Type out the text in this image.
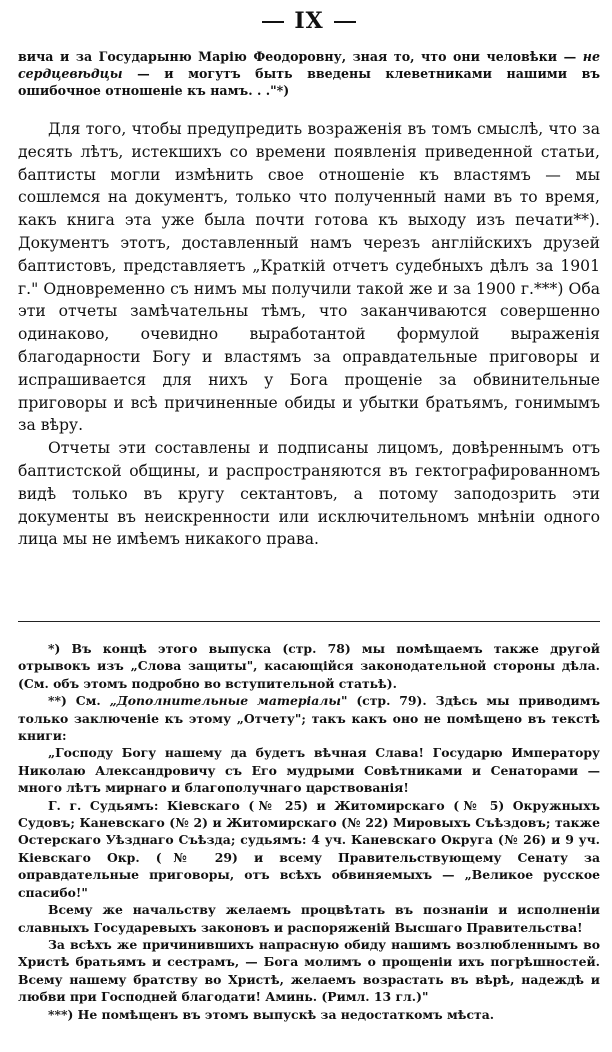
IX
вича и за Государыню Марію Феодоровну, зная то, что они человѣки — не сердцевѣдцы — и могутъ быть введены клеветниками нашими въ ошибочное отношеніе къ намъ. . ."*)

Для того, чтобы предупредить возраженія въ томъ смыслѣ, что за десять лѣтъ, истекшихъ со времени появленія приведенной статьи, баптисты могли измѣнить свое отношеніе къ властямъ — мы сошлемся на документъ, только что полученный нами въ то время, какъ книга эта уже была почти готова къ выходу изъ печати**). Документъ этотъ, доставленный намъ черезъ англійскихъ друзей баптистовъ, представляетъ „Краткій отчетъ судебныхъ дѣлъ за 1901 г." Одновременно съ нимъ мы получили такой же и за 1900 г.***) Оба эти отчеты замѣчательны тѣмъ, что заканчиваются совершенно одинаково, очевидно выработантой формулой выраженія благодарности Богу и властямъ за оправдательные приговоры и испрашивается для нихъ у Бога прощеніе за обвинительные приговоры и всѣ причиненные обиды и убытки братьямъ, гонимымъ за вѣру.

Отчеты эти составлены и подписаны лицомъ, довѣреннымъ отъ баптистской общины, и распространяются въ гектографированномъ видѣ только въ кругу сектантовъ, а потому заподозрить эти документы въ неискренности или исключительномъ мнѣніи одного лица мы не имѣемъ никакого права.

*) Въ концѣ этого выпуска (стр. 78) мы помѣщаемъ также другой отрывокъ изъ „Слова защиты", касающійся законодательной стороны дѣла. (См. объ этомъ подробно во вступительной статьѣ).

**) См. „Дополнительные матеріалы" (стр. 79). Здѣсь мы приводимъ только заключеніе къ этому „Отчету"; такъ какъ оно не помѣщено въ текстѣ книги:

„Господу Богу нашему да будетъ вѣчная Слава! Государю Императору Николаю Александровичу съ Его мудрыми Совѣтниками и Сенаторами — много лѣтъ мирнаго и благополучнаго царствованія!

Г. г. Судьямъ: Кіевскаго (№ 25) и Житомирскаго (№ 5) Окружныхъ Судовъ; Каневскаго (№ 2) и Житомирскаго (№ 22) Мировыхъ Съѣздовъ; также Остерскаго Уѣзднаго Съѣзда; судьямъ: 4 уч. Каневскаго Округа (№ 26) и 9 уч. Кіевскаго Окр. (№ 29) и всему Правительствующему Сенату за оправдательные приговоры, отъ всѣхъ обвиняемыхъ — „Великое русское спасибо!"

Всему же начальству желаемъ процвѣтать въ познаніи и исполненіи славныхъ Государевыхъ законовъ и распоряженій Высшаго Правительства!

За всѣхъ же причинившихъ напрасную обиду нашимъ возлюбленнымъ во Христѣ братьямъ и сестрамъ, — Бога молимъ о прощеніи ихъ погрѣшностей. Всему нашему братству во Христѣ, желаемъ возрастать въ вѣрѣ, надеждѣ и любви при Господней благодати! Аминь. (Римл. 13 гл.)"

***) Не помѣщенъ въ этомъ выпускѣ за недостаткомъ мѣста.
